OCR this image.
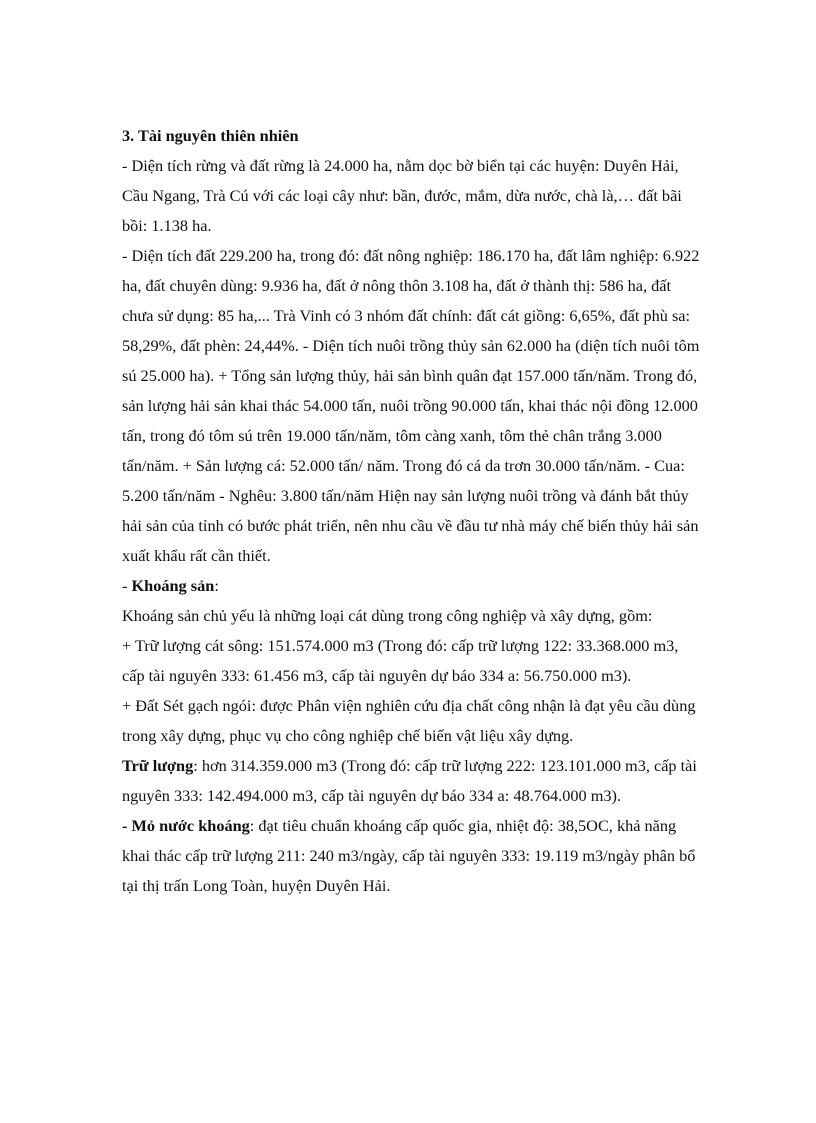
3. Tài nguyên thiên nhiên

- Diện tích rừng và đất rừng là 24.000 ha, nằm dọc bờ biển tại các huyện: Duyên Hải, Cầu Ngang, Trà Cú với các loại cây như: bần, đước, mắm, dừa nước, chà là,… đất bãi bồi: 1.138 ha.

- Diện tích đất 229.200 ha, trong đó: đất nông nghiệp: 186.170 ha, đất lâm nghiệp: 6.922 ha, đất chuyên dùng: 9.936 ha, đất ở nông thôn 3.108 ha, đất ở thành thị: 586 ha, đất chưa sử dụng: 85 ha,... Trà Vinh có 3 nhóm đất chính: đất cát giồng: 6,65%, đất phù sa: 58,29%, đất phèn: 24,44%. - Diện tích nuôi trồng thủy sản 62.000 ha (diện tích nuôi tôm sú 25.000 ha). + Tổng sản lượng thủy, hải sản bình quân đạt 157.000 tấn/năm. Trong đó, sản lượng hải sản khai thác 54.000 tấn, nuôi trồng 90.000 tấn, khai thác nội đồng 12.000 tấn, trong đó tôm sú trên 19.000 tấn/năm, tôm càng xanh, tôm thẻ chân trắng 3.000 tấn/năm. + Sản lượng cá: 52.000 tấn/ năm. Trong đó cá da trơn 30.000 tấn/năm. - Cua: 5.200 tấn/năm - Nghêu: 3.800 tấn/năm Hiện nay sản lượng nuôi trồng và đánh bắt thủy hải sản của tỉnh có bước phát triển, nên nhu cầu về đầu tư nhà máy chế biến thủy hải sản xuất khẩu rất cần thiết.

- Khoáng sản:

Khoáng sản chủ yếu là những loại cát dùng trong công nghiệp và xây dựng, gồm:

+ Trữ lượng cát sông: 151.574.000 m3 (Trong đó: cấp trữ lượng 122: 33.368.000 m3, cấp tài nguyên 333: 61.456 m3, cấp tài nguyên dự báo 334 a: 56.750.000 m3).

+ Đất Sét gạch ngói: được Phân viện nghiên cứu địa chất công nhận là đạt yêu cầu dùng trong xây dựng, phục vụ cho công nghiệp chế biến vật liệu xây dựng.

Trữ lượng: hơn 314.359.000 m3 (Trong đó: cấp trữ lượng 222: 123.101.000 m3, cấp tài nguyên 333: 142.494.000 m3, cấp tài nguyên dự báo 334 a: 48.764.000 m3).

- Mỏ nước khoáng: đạt tiêu chuẩn khoáng cấp quốc gia, nhiệt độ: 38,5OC, khả năng khai thác cấp trữ lượng 211: 240 m3/ngày, cấp tài nguyên 333: 19.119 m3/ngày phân bổ tại thị trấn Long Toàn, huyện Duyên Hải.
